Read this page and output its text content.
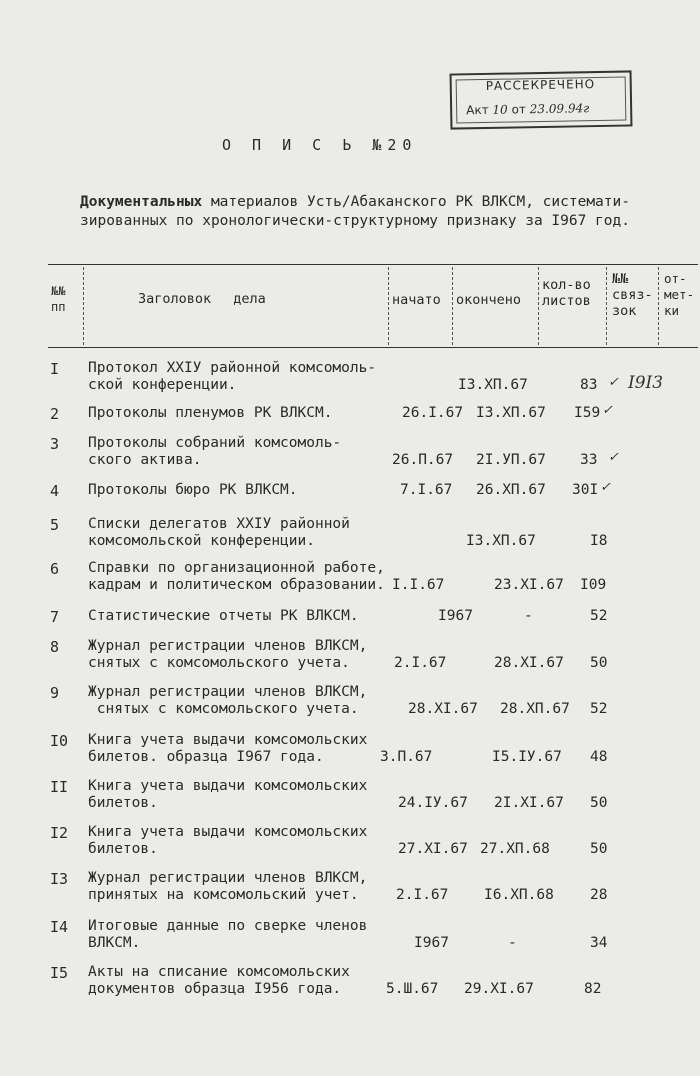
РАССЕКРЕЧЕНО
Акт 10 от 23.09.94г
О П И С Ь №20
Документальных материалов Усть/Абаканского РК ВЛКСМ, системати-
зированных по хронологически-структурному признаку за I967 год.
№№ пп	Заголовок дела	начато окончено
кол-во листов
№№ связ- зок
от- мет- ки
I Протокол XXIУ районной комсомоль-
ской конференции.	I3.XП.67	83 ✓ I9I3
2 Протоколы пленумов РК ВЛКСМ.	26.I.67 I3.XП.67 I59 ✓
3 Протоколы собраний комсомоль-
ского актива.	26.П.67 2I.УП.67 33 ✓
4 Протоколы бюро РК ВЛКСМ.	7.I.67 26.XП.67 30I ✓
5 Списки делегатов XXIУ районной
комсомольской конференции.	I3.XП.67	I8
6 Справки по организационной работе,
кадрам и политическом образовании. I.I.67	23.XI.67 I09
7 Статистические отчеты РК ВЛКСМ.	I967	-	52
8 Журнал регистрации членов ВЛКСМ,
снятых с комсомольского учета.	2.I.67	28.XI.67 50
9 Журнал регистрации членов ВЛКСМ,
снятых с комсомольского учета.	28.XI.67 28.XП.67 52
I0 Книга учета выдачи комсомольских
билетов. образца I967 года.	3.П.67	I5.IУ.67 48
II Книга учета выдачи комсомольских
билетов.	24.IУ.67 2I.XI.67 50
I2 Книга учета выдачи комсомольских
билетов.	27.XI.67 27.XП.68	50
I3 Журнал регистрации членов ВЛКСМ,
принятых на комсомольский учет.	2.I.67 I6.XП.68 28
I4 Итоговые данные по сверке членов
ВЛКСМ.	I967	-	34
I5 Акты на списание комсомольских
документов образца I956 года.	5.Ш.67 29.XI.67	82
